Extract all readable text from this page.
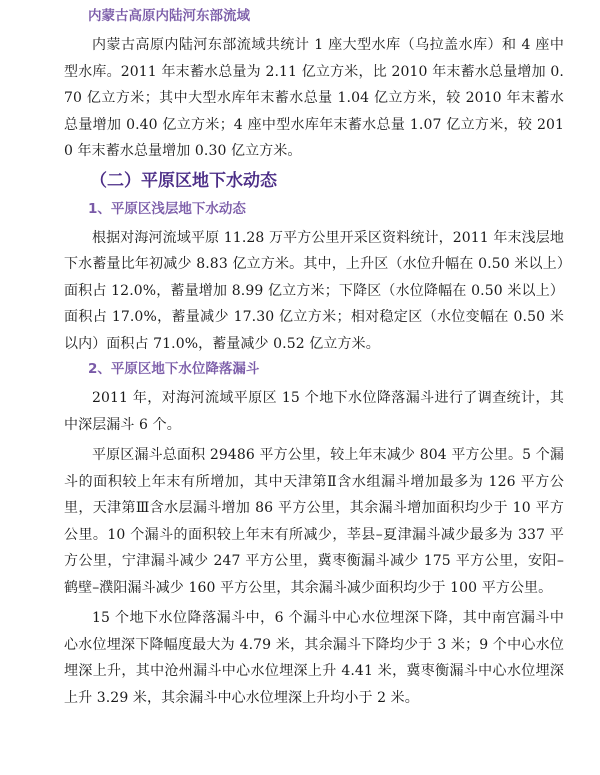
内蒙古高原内陆河东部流域

内蒙古高原内陆河东部流域共统计 1 座大型水库（乌拉盖水库）和 4 座中型水库。2011 年末蓄水总量为 2.11 亿立方米，比 2010 年末蓄水总量增加 0.70 亿立方米；其中大型水库年末蓄水总量 1.04 亿立方米，较 2010 年末蓄水总量增加 0.40 亿立方米；4 座中型水库年末蓄水总量 1.07 亿立方米，较 2010 年末蓄水总量增加 0.30 亿立方米。

（二）平原区地下水动态
1、平原区浅层地下水动态

根据对海河流域平原 11.28 万平方公里开采区资料统计，2011 年末浅层地下水蓄量比年初减少 8.83 亿立方米。其中，上升区（水位升幅在 0.50 米以上）面积占 12.0%，蓄量增加 8.99 亿立方米；下降区（水位降幅在 0.50 米以上）面积占 17.0%，蓄量减少 17.30 亿立方米；相对稳定区（水位变幅在 0.50 米以内）面积占 71.0%，蓄量减少 0.52 亿立方米。

2、平原区地下水位降落漏斗

2011 年，对海河流域平原区 15 个地下水位降落漏斗进行了调查统计，其中深层漏斗 6 个。

平原区漏斗总面积 29486 平方公里，较上年末减少 804 平方公里。5 个漏斗的面积较上年末有所增加，其中天津第Ⅱ含水组漏斗增加最多为 126 平方公里，天津第Ⅲ含水层漏斗增加 86 平方公里，其余漏斗增加面积均少于 10 平方公里。10 个漏斗的面积较上年末有所减少，莘县–夏津漏斗减少最多为 337 平方公里，宁津漏斗减少 247 平方公里，冀枣衡漏斗减少 175 平方公里，安阳–鹤壁–濮阳漏斗减少 160 平方公里，其余漏斗减少面积均少于 100 平方公里。

15 个地下水位降落漏斗中，6 个漏斗中心水位埋深下降，其中南宫漏斗中心水位埋深下降幅度最大为 4.79 米，其余漏斗下降均少于 3 米；9 个中心水位埋深上升，其中沧州漏斗中心水位埋深上升 4.41 米，冀枣衡漏斗中心水位埋深上升 3.29 米，其余漏斗中心水位埋深上升均小于 2 米。
